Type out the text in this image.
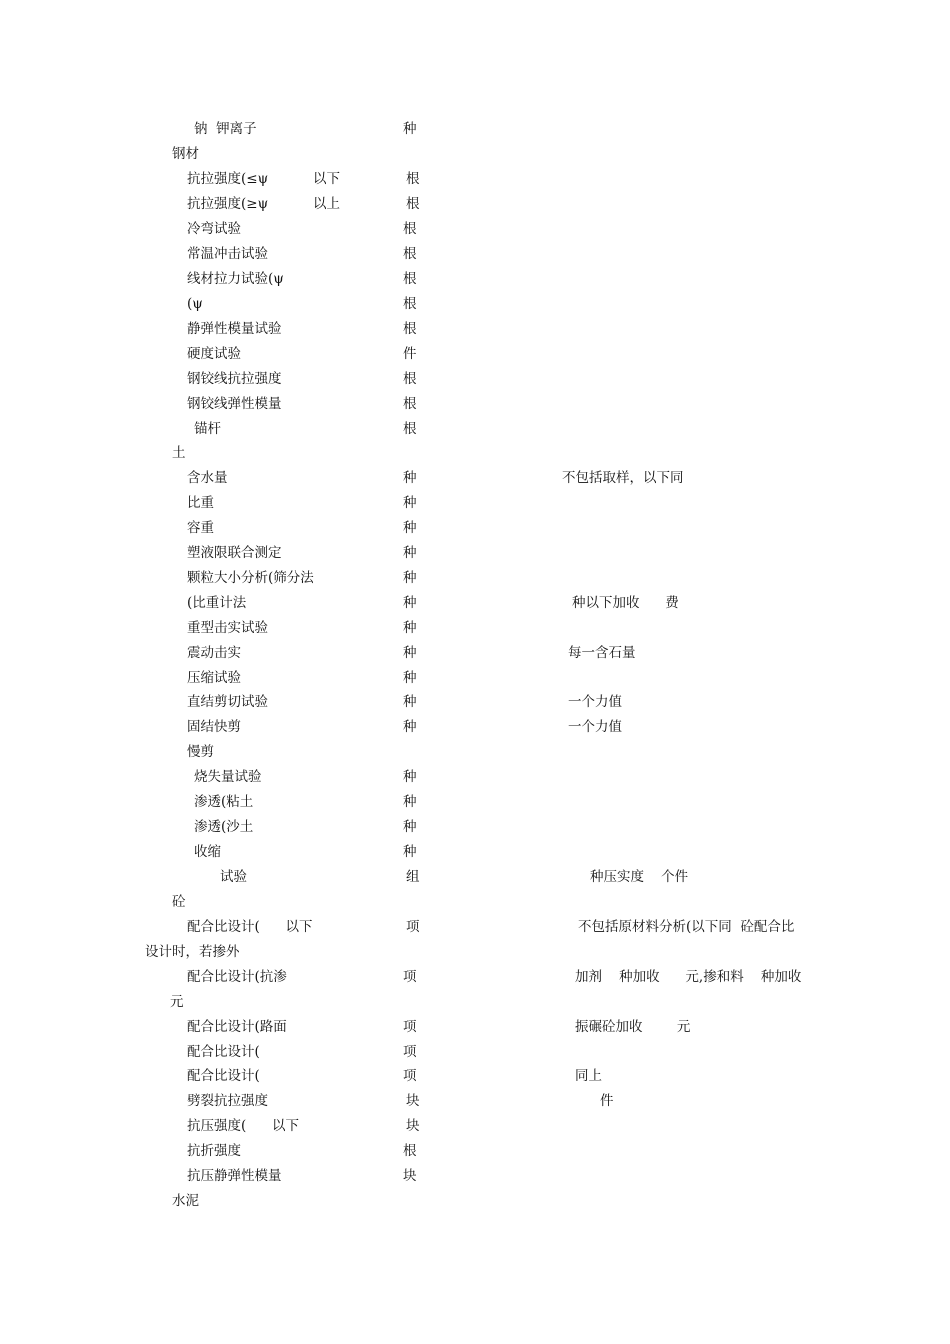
钠  钾离子	种
钢材
抗拉强度(≤ψ	以下	根
抗拉强度(≥ψ	以上	根
冷弯试验	根
常温冲击试验	根
线材拉力试验(ψ	根
(ψ	根
静弹性模量试验	根
硬度试验	件
钢铰线抗拉强度	根
钢铰线弹性模量	根
锚杆	根
土
含水量	种	不包括取样，以下同
比重	种
容重	种
塑液限联合测定	种
颗粒大小分析(筛分法	种
(比重计法	种	种以下加收      费
重型击实试验	种
震动击实	种	每一含石量
压缩试验	种
直结剪切试验	种	一个力值
固结快剪	种	一个力值
慢剪
烧失量试验	种
渗透(粘土	种
渗透(沙土	种
收缩	种
试验	组	种压实度    个件
砼
配合比设计(      以下	项	不包括原材料分析(以下同  砼配合比
设计时，若掺外
配合比设计(抗渗	项	加剂    种加收      元,掺和料    种加收
元
配合比设计(路面	项	振碾砼加收        元
配合比设计(	项
配合比设计(	项	同上
劈裂抗拉强度	块	件
抗压强度(      以下	块
抗折强度	根
抗压静弹性模量	块
水泥
